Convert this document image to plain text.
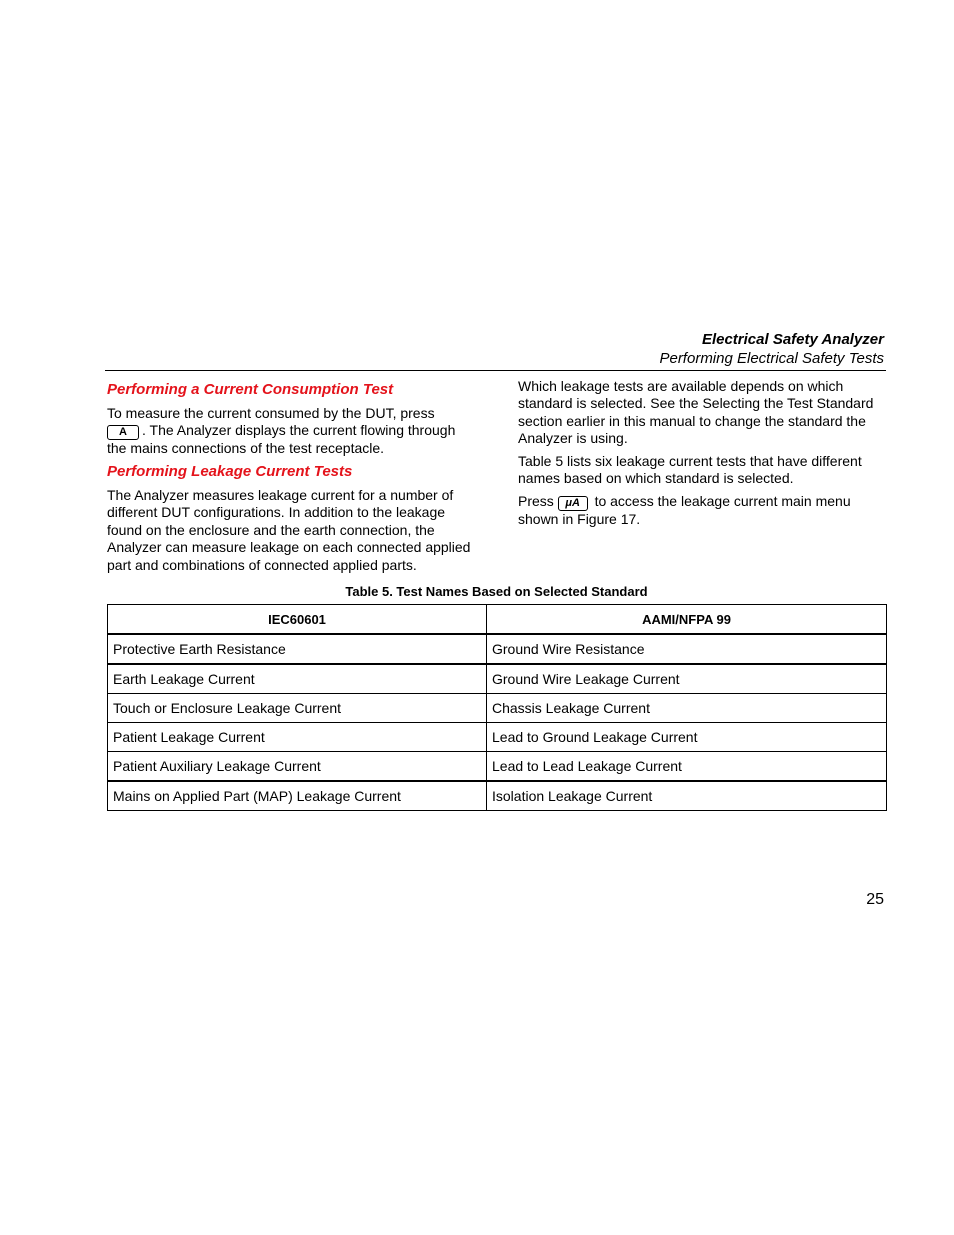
Electrical Safety Analyzer
Performing Electrical Safety Tests
Performing a Current Consumption Test
To measure the current consumed by the DUT, press
A . The Analyzer displays the current flowing through the mains connections of the test receptacle.
Performing Leakage Current Tests
The Analyzer measures leakage current for a number of different DUT configurations. In addition to the leakage found on the enclosure and the earth connection, the Analyzer can measure leakage on each connected applied part and combinations of connected applied parts.
Which leakage tests are available depends on which standard is selected. See the Selecting the Test Standard section earlier in this manual to change the standard the Analyzer is using.
Table 5 lists six leakage current tests that have different names based on which standard is selected.
Press μA to access the leakage current main menu shown in Figure 17.
Table 5. Test Names Based on Selected Standard
IEC60601	AAMI/NFPA 99
Protective Earth Resistance	Ground Wire Resistance
Earth Leakage Current	Ground Wire Leakage Current
Touch or Enclosure Leakage Current	Chassis Leakage Current
Patient Leakage Current	Lead to Ground Leakage Current
Patient Auxiliary Leakage Current	Lead to Lead Leakage Current
Mains on Applied Part (MAP) Leakage Current	Isolation Leakage Current
25
